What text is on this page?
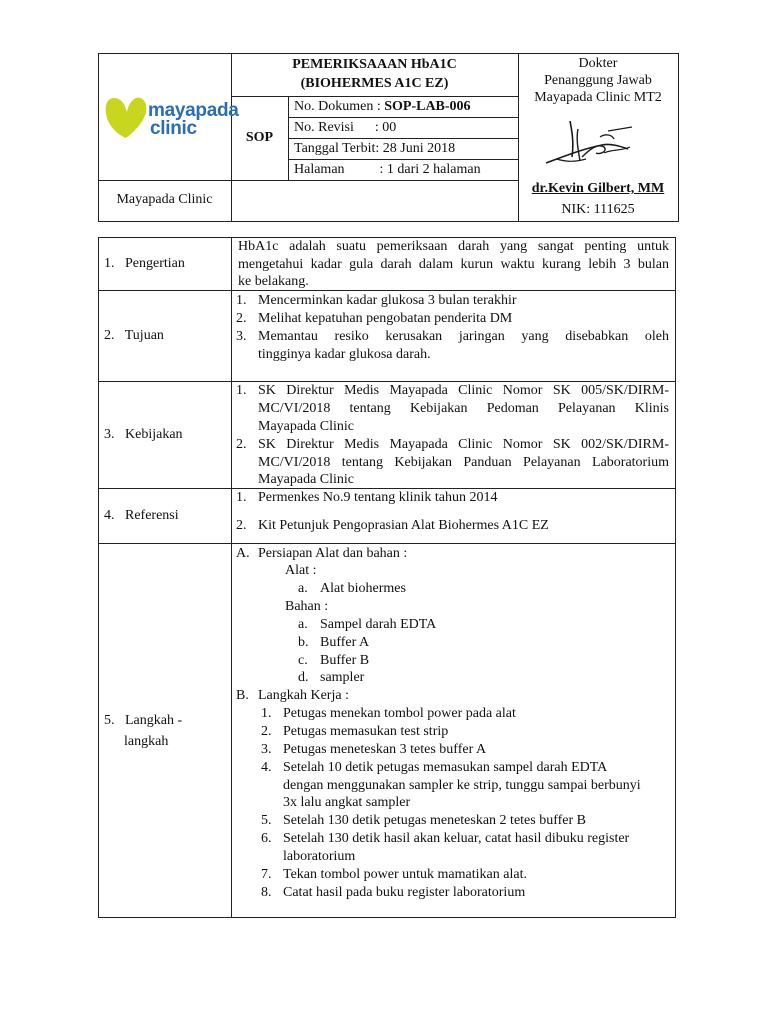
mayapada
clinic
PEMERIKSAAAN HbA1C
(BIOHERMES A1C EZ)
SOP
No. Dokumen : SOP-LAB-006
No. Revisi      : 00
Tanggal Terbit: 28 Juni 2018
Halaman          : 1 dari 2 halaman
Mayapada Clinic
Dokter
Penanggung Jawab
Mayapada Clinic MT2
dr.Kevin Gilbert, MM
NIK: 111625
1.   Pengertian
HbA1c adalah suatu pemeriksaan darah yang sangat penting untuk
mengetahui kadar gula darah dalam kurun waktu kurang lebih 3 bulan
ke belakang.
2.   Tujuan
1. Mencerminkan kadar glukosa 3 bulan terakhir
2. Melihat kepatuhan pengobatan penderita DM
3. Memantau resiko kerusakan jaringan yang disebabkan oleh
tingginya kadar glukosa darah.
3.   Kebijakan
1. SK Direktur Medis Mayapada Clinic Nomor SK 005/SK/DIRM-
MC/VI/2018 tentang Kebijakan Pedoman Pelayanan Klinis
Mayapada Clinic
2. SK Direktur Medis Mayapada Clinic Nomor SK 002/SK/DIRM-
MC/VI/2018 tentang Kebijakan Panduan Pelayanan Laboratorium
Mayapada Clinic
4.   Referensi
1. Permenkes No.9 tentang klinik tahun 2014
2. Kit Petunjuk Pengoprasian Alat Biohermes A1C EZ
5.   Langkah -
langkah
A. Persiapan Alat dan bahan :
Alat :
a. Alat biohermes
Bahan :
a. Sampel darah EDTA
b. Buffer A
c. Buffer B
d. sampler
B. Langkah Kerja :
1. Petugas menekan tombol power pada alat
2. Petugas memasukan test strip
3. Petugas meneteskan 3 tetes buffer A
4. Setelah 10 detik petugas memasukan sampel darah EDTA
dengan menggunakan sampler ke strip, tunggu sampai berbunyi
3x lalu angkat sampler
5. Setelah 130 detik petugas meneteskan 2 tetes buffer B
6. Setelah 130 detik hasil akan keluar, catat hasil dibuku register
laboratorium
7. Tekan tombol power untuk mamatikan alat.
8. Catat hasil pada buku register laboratorium
